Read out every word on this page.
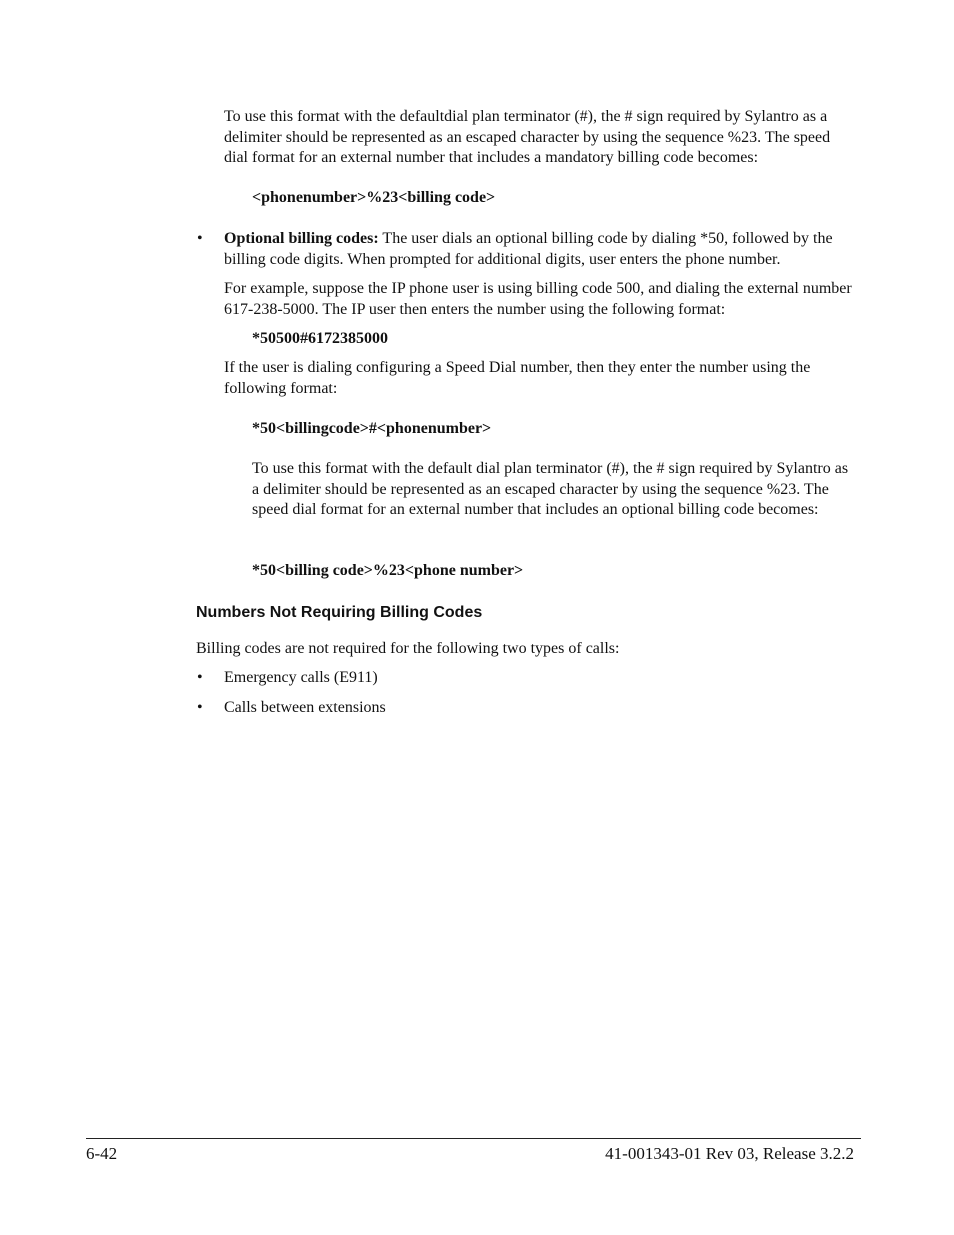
To use this format with the defaultdial plan terminator (#), the # sign required by Sylantro as a delimiter should be represented as an escaped character by using the sequence %23. The speed dial format for an external number that includes a mandatory billing code becomes:

<phonenumber>%23<billing code>

• Optional billing codes: The user dials an optional billing code by dialing *50, followed by the billing code digits. When prompted for additional digits, user enters the phone number.

For example, suppose the IP phone user is using billing code 500, and dialing the external number 617-238-5000. The IP user then enters the number using the following format:

*50500#6172385000

If the user is dialing configuring a Speed Dial number, then they enter the number using the following format:

*50<billingcode>#<phonenumber>

To use this format with the default dial plan terminator (#), the # sign required by Sylantro as a delimiter should be represented as an escaped character by using the sequence %23. The speed dial format for an external number that includes an optional billing code becomes:

*50<billing code>%23<phone number>

Numbers Not Requiring Billing Codes

Billing codes are not required for the following two types of calls:

• Emergency calls (E911)

• Calls between extensions

6-42	41-001343-01 Rev 03, Release 3.2.2
